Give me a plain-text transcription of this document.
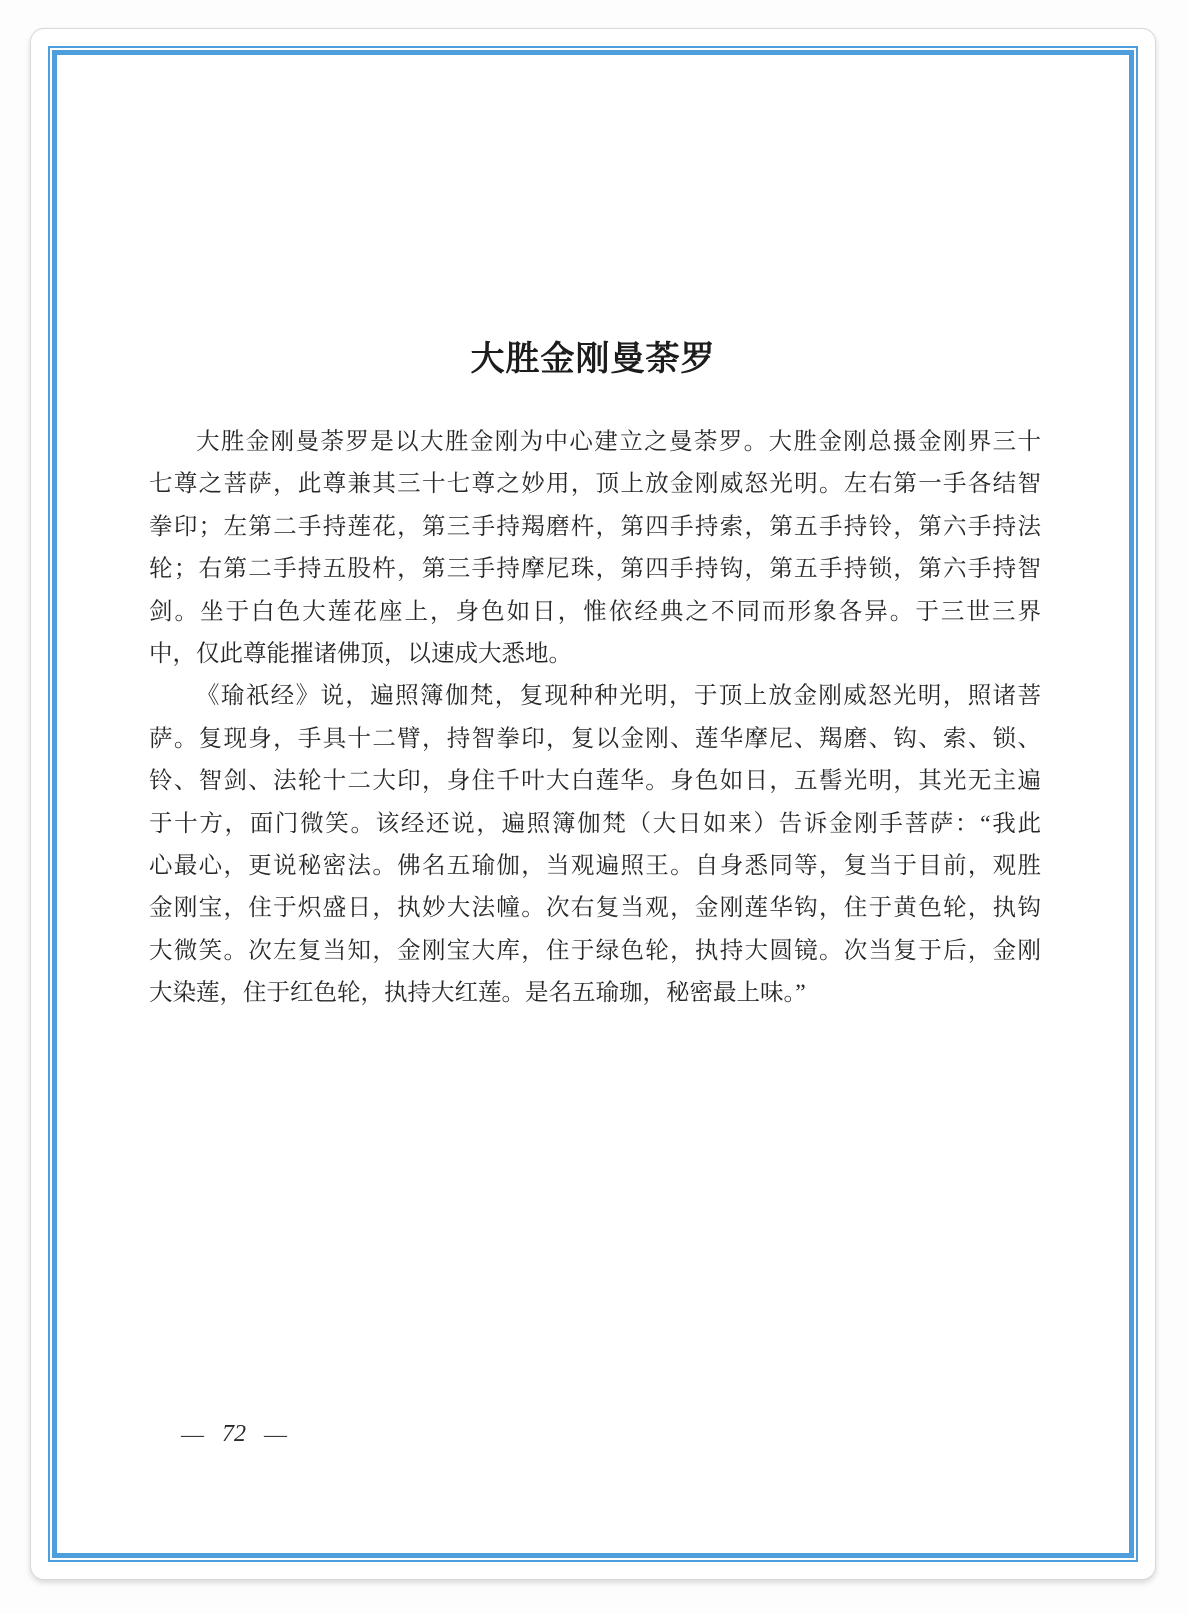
大胜金刚曼荼罗
大胜金刚曼荼罗是以大胜金刚为中心建立之曼荼罗。大胜金刚总摄金刚界三十
七尊之菩萨，此尊兼其三十七尊之妙用，顶上放金刚威怒光明。左右第一手各结智
拳印；左第二手持莲花，第三手持羯磨杵，第四手持索，第五手持铃，第六手持法
轮；右第二手持五股杵，第三手持摩尼珠，第四手持钩，第五手持锁，第六手持智
剑。坐于白色大莲花座上，身色如日，惟依经典之不同而形象各异。于三世三界
中，仅此尊能摧诸佛顶，以速成大悉地。
《瑜祇经》说，遍照簿伽梵，复现种种光明，于顶上放金刚威怒光明，照诸菩
萨。复现身，手具十二臂，持智拳印，复以金刚、莲华摩尼、羯磨、钩、索、锁、
铃、智剑、法轮十二大印，身住千叶大白莲华。身色如日，五髻光明，其光无主遍
于十方，面门微笑。该经还说，遍照簿伽梵（大日如来）告诉金刚手菩萨：“我此
心最心，更说秘密法。佛名五瑜伽，当观遍照王。自身悉同等，复当于目前，观胜
金刚宝，住于炽盛日，执妙大法幢。次右复当观，金刚莲华钩，住于黄色轮，执钩
大微笑。次左复当知，金刚宝大库，住于绿色轮，执持大圆镜。次当复于后，金刚
大染莲，住于红色轮，执持大红莲。是名五瑜珈，秘密最上味。”
— 72 —
